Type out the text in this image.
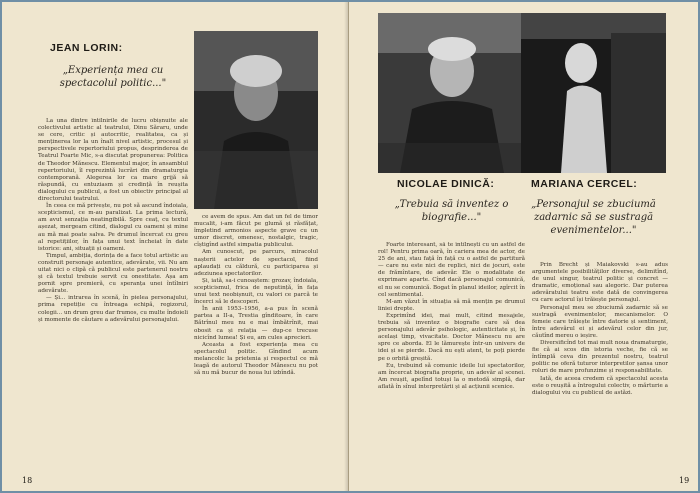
JEAN LORIN:
„Experiența mea cu spectacolul politic..."

La una dintre întîlnirile de lucru obișnuite ale colectivului artistic al teatrului, Dinu Săraru, unde se cere, critic și autocritic, realitatea, ca și menținerea lor la un înalt nivel artistic, procesul și perspectivele repertoriului propus, desprinderea de Teatrul Foarte Mic, s-a discutat propunerea: Politica de Theodor Mănescu. Elementul major, în ansamblul repertoriului, îl reprezintă lucrări din dramaturgia contemporană. Alegerea lor ca mare grijă să răspundă, cu entuziasm și credință în reușita dialogului cu publicul, a fost un obiectiv principal al directorului teatrului.

În ceea ce mă privește, nu pot să ascund îndoiala, scepticismul, ce m-au paralizat. La prima lectură, am avut senzația neatingibilă. Spre ceaț, cu textul așezat, mergeam citind, dialogul cu oameni și mine au mă mai poate salva. Pe drumul încercat cu greu al repetițiilor, în fața unui text încheiat în date istorice: ani, situații și oameni.

Timpul, ambiția, dorința de a face totul artistic au construit personaje autentice, adevărate, vii. Nu am uitat nici o clipă că publicul este partenerul nostru și că textul trebuie servit cu onestitate. Așa am pornit spre premieră, cu speranța unei întîlniri adevărate.

— Și... intrarea în scenă, în pielea personajului, prima repetiție cu întreaga echipă, regizorul, colegii... un drum greu dar frumos, cu multe îndoieli și momente de căutare a adevărului personajului.

ce avem de spus. Am dat un fel de timor mucalit, i-am făcut pe glumă și răsfățat, împletind armonios aspecte grave cu un umor discret, omenesc, nostalgic, tragic, cîștigînd astfel simpatia publicului.

Am cunoscut, pe parcurs, miracolul nașterii actelor de spectacol, fiind aplaudați cu căldură, cu participarea și adeziunea spectatorilor.

Și, iată, sa-i cunoaștem: grozav, îndoiala, scepticismul, frica de neputință, în fața unui text neobișnuit, cu valori ce parcă te încerci să le descoperi.

În anii 1953–1956, a-a pus în scenă partea a II-a, Trestia gînditoare, în care Bătrînul meu nu e mai îmbătrînit, mai obosit ca și relația — dup-ce trecuse nicicînd lumea! Și eu, am cules aprecieri.

Aceasta a fost experiența mea cu spectacolul politic. Gîndind acum melancolic la prietenia și respectul ce mă leagă de autorul Theodor Mănescu nu pot să nu mă bucur de noua lui izbîndă.

18
NICOLAE DINICĂ:
„Trebuia să inventez o biografie..."
MARIANA CERCEL:
„Personajul se zbuciumă zadarnic să se sustragă evenimentelor..."

Foarte interesant, să te întîlnești cu un astfel de rol! Pentru prima oară, în cariera mea de actor, de 25 de ani, stau față în față cu o astfel de partitură — care nu este nici de replici, nici de jocuri, este de frămîntare, de adevăr. Ele o modalitate de exprimare aparte. Cînd dacă personajul comunică, el nu se comunică. Bogat în planul ideilor, zgîrcit în cel sentimental.

M-am văzut în situația să mă mențin pe drumul liniei drepte.

Exprimînd idei, mai mult, citind mesajele, trebuia să inventez o biografie care să dea personajului adevăr psihologic, autenticitate și, în același timp, vivacitate. Doctor Mănescu nu are spre ce aborda. El le lămurește într-un univers de idei și se pierde. Dacă nu ești atent, te poți pierde pe o orbită greșită.

Eu, trebuind să comunic ideile lui spectatorilor, am încercat biografia proprie, un adevăr al scenei. Am reușit, apelînd totuși la o metodă simplă, dar aflată în sînul interpretării și al acțiunii scenice.

Prin Brecht și Maiakovski s-au adus argumentele posibilităților diverse, delimitînd, de unul singur, teatrul politic și concret — dramatic, emoțional sau alegoric. Dar puterea adevăratului teatru este dată de convingerea cu care actorul își trăiește personajul.

Personajul meu se zbuciumă zadarnic să se sustragă evenimentelor, mecanismelor. O femeie care trăiește între datorie și sentiment, între adevărul ei și adevărul celor din jur, căutînd mereu o ieșire.

Diversificînd tot mai mult noua dramaturgie, fie că ai scos din istoria veche, fie că se întîmplă ceva din prezentul nostru, teatrul politic ne oferă tuturor interpretilor șansa unor roluri de mare profunzime și responsabilitate.

Iată, de aceea credem că spectacolul acesta este o reușită a întregului colectiv, o mărturie a dialogului viu cu publicul de astăzi.

19
